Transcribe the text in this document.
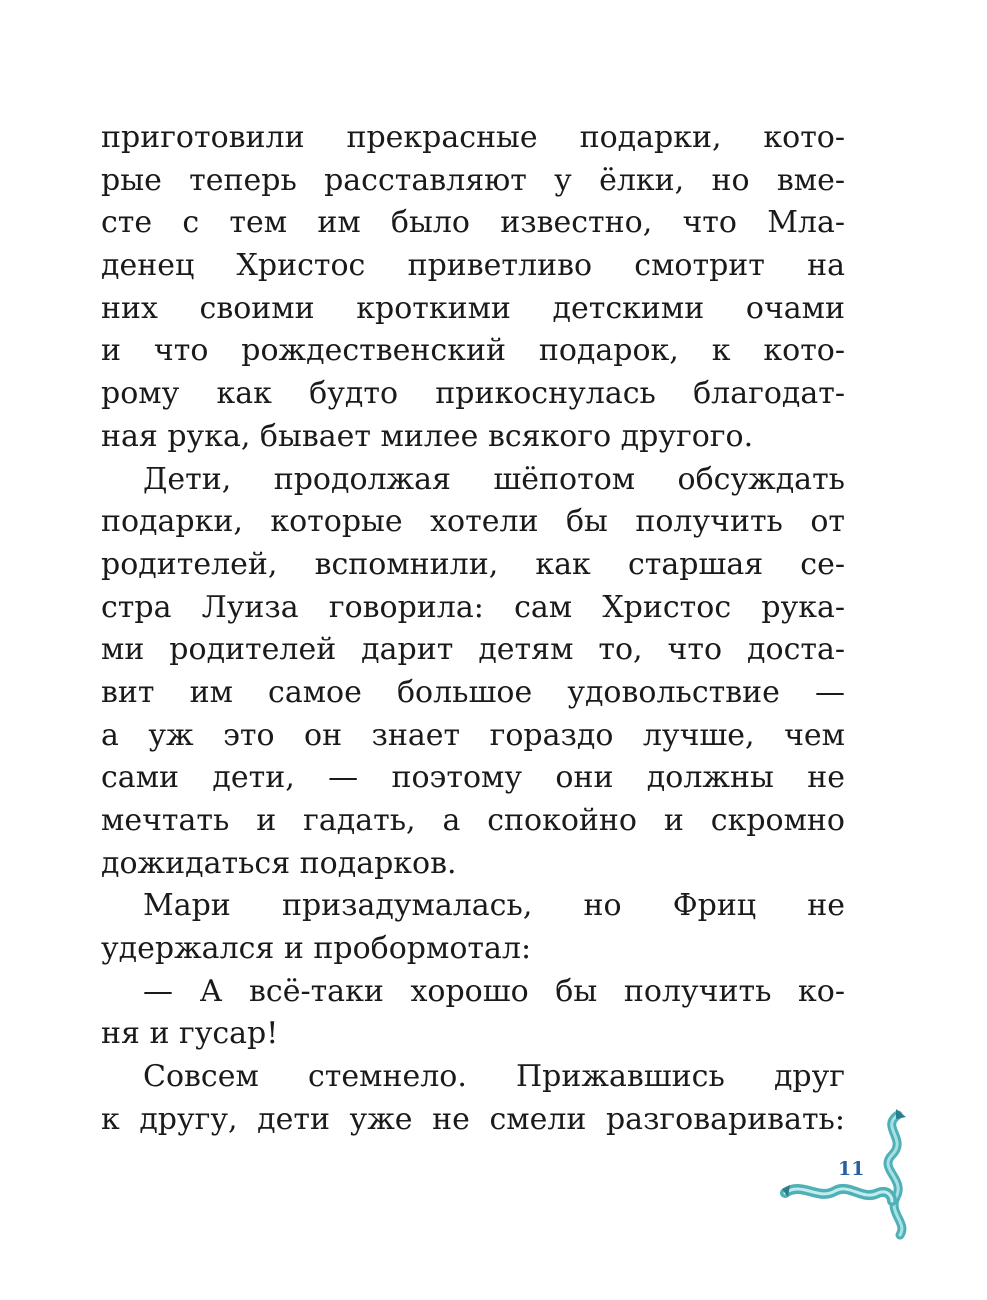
приготовили прекрасные подарки, кото-
рые теперь расставляют у ёлки, но вме-
сте с тем им было известно, что Мла-
денец Христос приветливо смотрит на
них своими кроткими детскими очами
и что рождественский подарок, к кото-
рому как будто прикоснулась благодат-
ная рука, бывает милее всякого другого.
Дети, продолжая шёпотом обсуждать
подарки, которые хотели бы получить от
родителей, вспомнили, как старшая се-
стра Луиза говорила: сам Христос рука-
ми родителей дарит детям то, что доста-
вит им самое большое удовольствие —
а уж это он знает гораздо лучше, чем
сами дети, — поэтому они должны не
мечтать и гадать, а спокойно и скромно
дожидаться подарков.
Мари призадумалась, но Фриц не
удержался и пробормотал:
— А всё-таки хорошо бы получить ко-
ня и гусар!
Совсем стемнело. Прижавшись друг
к другу, дети уже не смели разговаривать:
11
